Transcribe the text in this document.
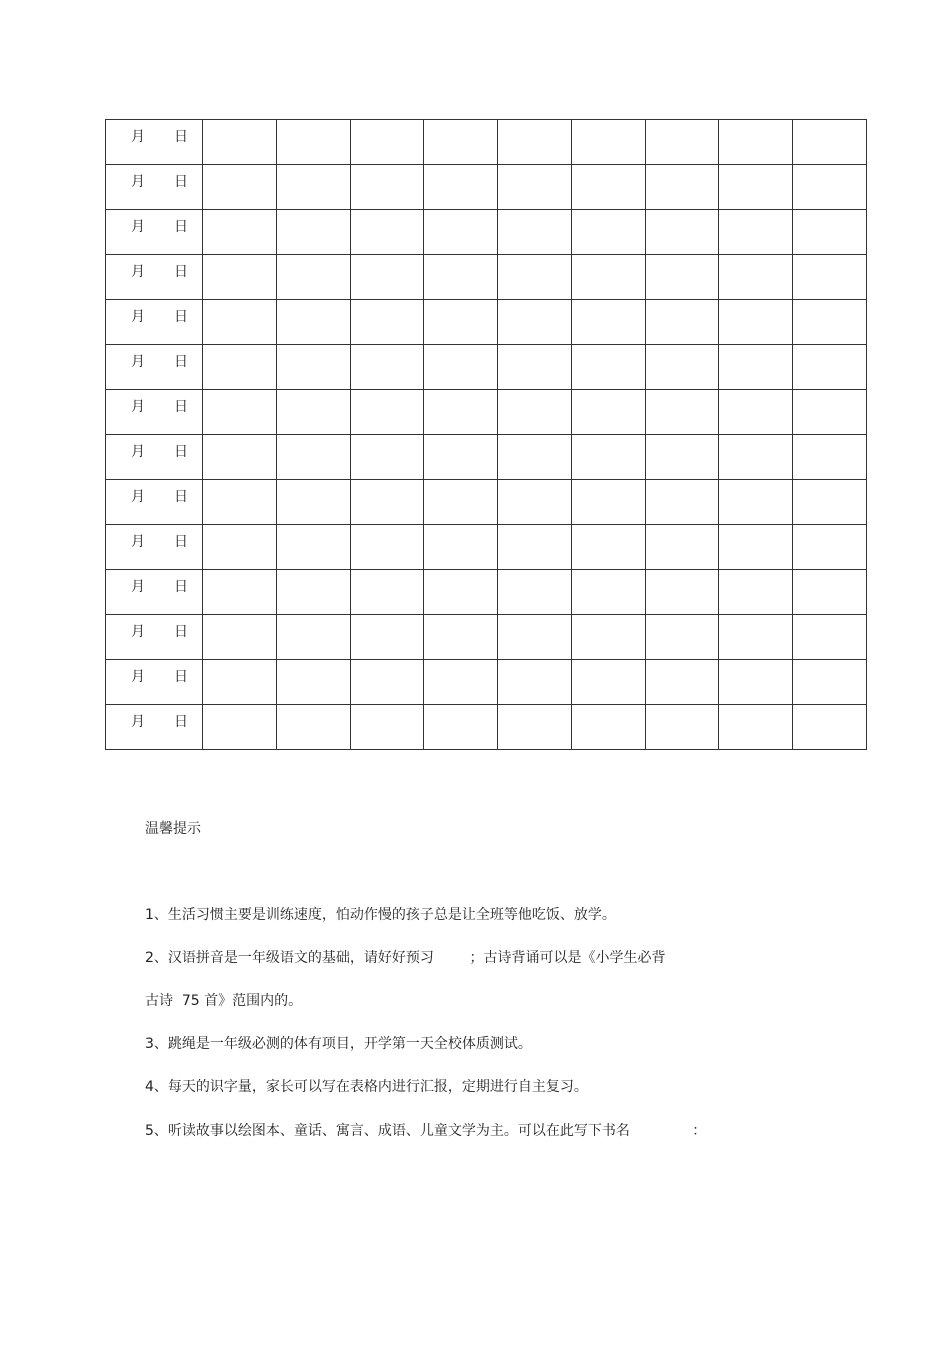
月 日									

月 日									

月 日									

月 日									

月 日									

月 日									

月 日									

月 日									

月 日									

月 日									

月 日									

月 日									

月 日									

月 日									

温馨提示

1、生活习惯主要是训练速度，怕动作慢的孩子总是让全班等他吃饭、放学。
2、汉语拼音是一年级语文的基础，请好好预习        ；古诗背诵可以是《小学生必背
古诗  75 首》范围内的。
3、跳绳是一年级必测的体有项目，开学第一天全校体质测试。
4、每天的识字量，家长可以写在表格内进行汇报，定期进行自主复习。
5、听读故事以绘图本、童话、寓言、成语、儿童文学为主。可以在此写下书名              ：
